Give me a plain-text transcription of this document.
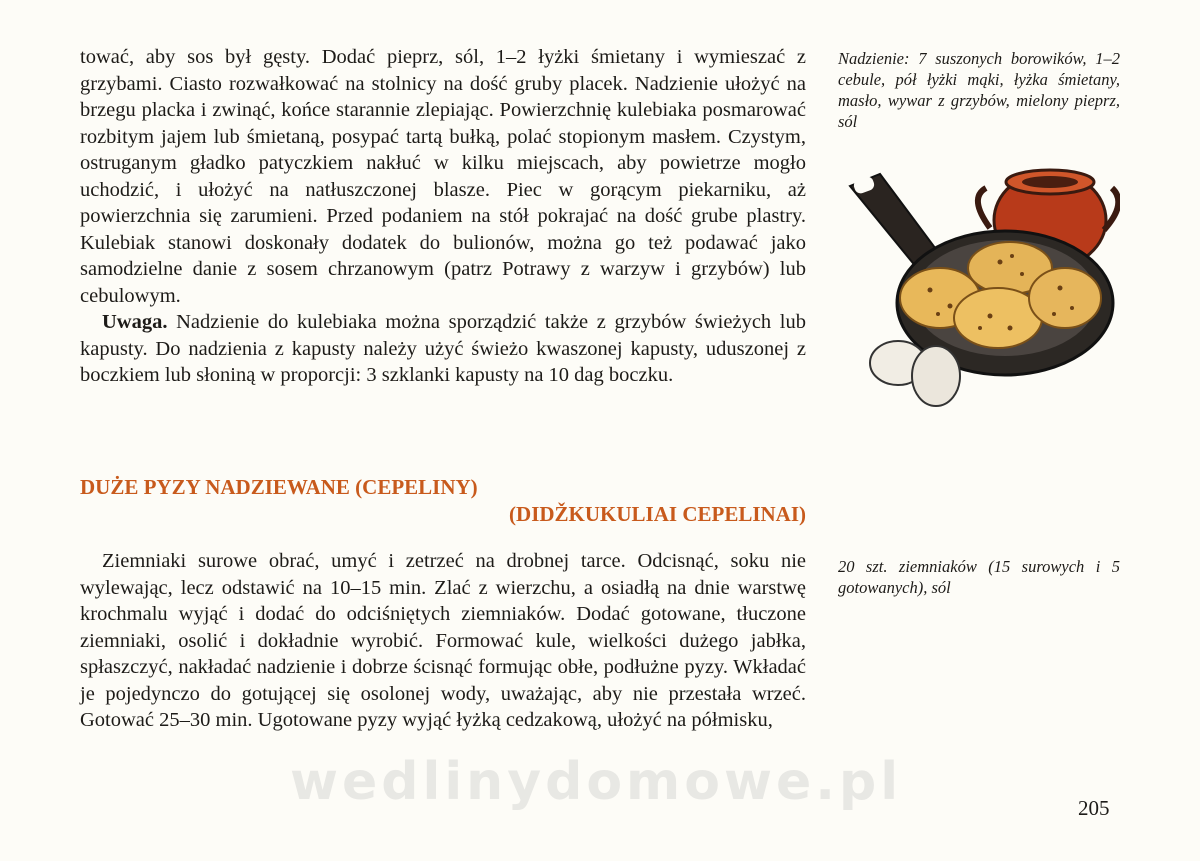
tować, aby sos był gęsty. Dodać pieprz, sól, 1–2 łyżki śmietany i wymieszać z grzybami. Ciasto rozwałkować na stolnicy na dość gruby placek. Nadzienie ułożyć na brzegu placka i zwinąć, końce starannie zlepiając. Powierzchnię kulebiaka posmarować rozbitym jajem lub śmietaną, posypać tartą bułką, polać stopionym masłem. Czystym, ostruganym gładko patyczkiem nakłuć w kilku miejscach, aby powietrze mogło uchodzić, i ułożyć na natłuszczonej blasze. Piec w gorącym piekarniku, aż powierzchnia się zarumieni. Przed podaniem na stół pokrajać na dość grube plastry. Kulebiak stanowi doskonały dodatek do bulionów, można go też podawać jako samodzielne danie z sosem chrzanowym (patrz Potrawy z warzyw i grzybów) lub cebulowym.

Uwaga. Nadzienie do kulebiaka można sporządzić także z grzybów świeżych lub kapusty. Do nadzienia z kapusty należy użyć świeżo kwaszonej kapusty, uduszonej z boczkiem lub słoniną w proporcji: 3 szklanki kapusty na 10 dag boczku.

Nadzienie: 7 suszonych borowików, 1–2 cebule, pół łyżki mąki, łyżka śmietany, masło, wywar z grzybów, mielony pieprz, sól
DUŻE PYZY NADZIEWANE (CEPELINY)
(DIDŽKUKULIAI CEPELINAI)

Ziemniaki surowe obrać, umyć i zetrzeć na drobnej tarce. Odcisnąć, soku nie wylewając, lecz odstawić na 10–15 min. Zlać z wierzchu, a osiadłą na dnie warstwę krochmalu wyjąć i dodać do odciśniętych ziemniaków. Dodać gotowane, tłuczone ziemniaki, osolić i dokładnie wyrobić. Formować kule, wielkości dużego jabłka, spłaszczyć, nakładać nadzienie i dobrze ścisnąć formując obłe, podłużne pyzy. Wkładać je pojedynczo do gotującej się osolonej wody, uważając, aby nie przestała wrzeć. Gotować 25–30 min. Ugotowane pyzy wyjąć łyżką cedzakową, ułożyć na półmisku,

20 szt. ziemniaków (15 surowych i 5 gotowanych), sól
wedlinydomowe.pl	205
